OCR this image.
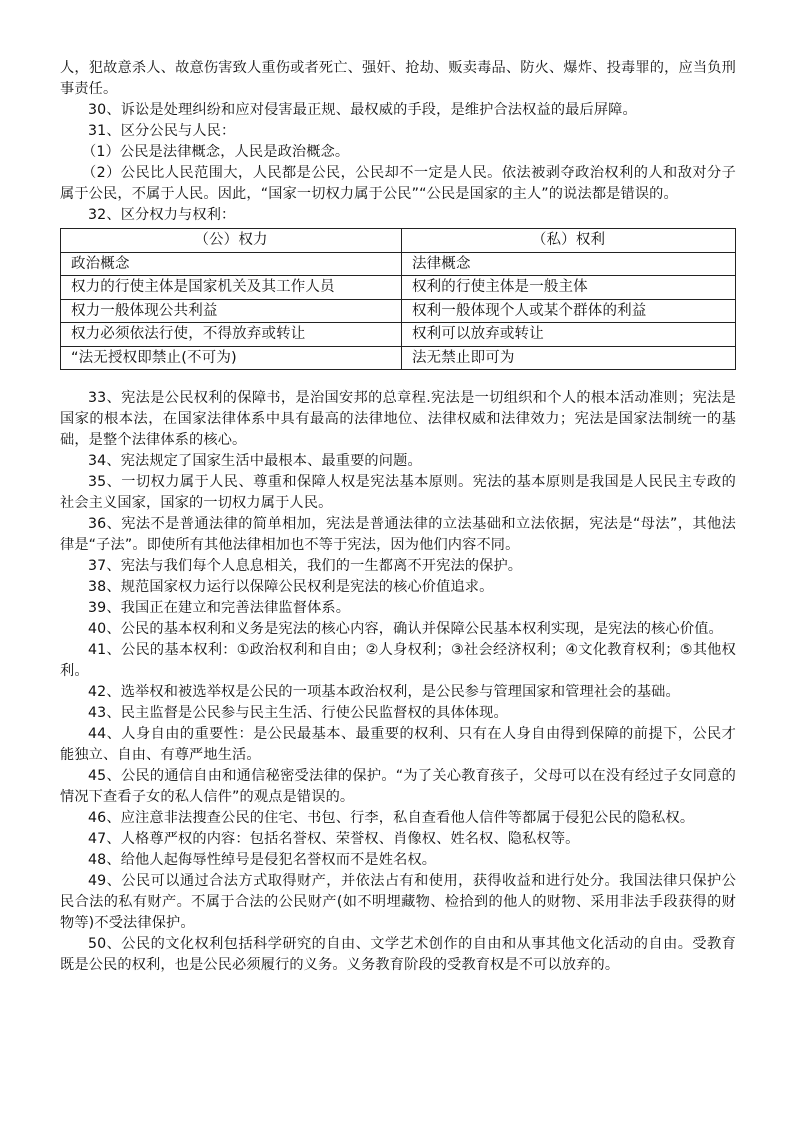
人，犯故意杀人、故意伤害致人重伤或者死亡、强奸、抢劫、贩卖毒品、防火、爆炸、投毒罪的，应当负刑事责任。

30、诉讼是处理纠纷和应对侵害最正规、最权威的手段，是维护合法权益的最后屏障。

31、区分公民与人民：

（1）公民是法律概念，人民是政治概念。

（2）公民比人民范围大，人民都是公民，公民却不一定是人民。依法被剥夺政治权利的人和敌对分子属于公民，不属于人民。因此，“国家一切权力属于公民”“公民是国家的主人”的说法都是错误的。

32、区分权力与权利：

（公）权力	（私）权利
政治概念	法律概念
权力的行使主体是国家机关及其工作人员	权利的行使主体是一般主体
权力一般体现公共利益	权利一般体现个人或某个群体的利益
权力必须依法行使，不得放弃或转让	权利可以放弃或转让
“法无授权即禁止(不可为)	法无禁止即可为

33、宪法是公民权利的保障书，是治国安邦的总章程.宪法是一切组织和个人的根本活动准则；宪法是国家的根本法，在国家法律体系中具有最高的法律地位、法律权威和法律效力；宪法是国家法制统一的基础，是整个法律体系的核心。

34、宪法规定了国家生活中最根本、最重要的问题。

35、一切权力属于人民、尊重和保障人权是宪法基本原则。宪法的基本原则是我国是人民民主专政的社会主义国家，国家的一切权力属于人民。

36、宪法不是普通法律的简单相加，宪法是普通法律的立法基础和立法依据，宪法是“母法”，其他法律是“子法”。即使所有其他法律相加也不等于宪法，因为他们内容不同。

37、宪法与我们每个人息息相关，我们的一生都离不开宪法的保护。

38、规范国家权力运行以保障公民权利是宪法的核心价值追求。

39、我国正在建立和完善法律监督体系。

40、公民的基本权利和义务是宪法的核心内容，确认并保障公民基本权利实现，是宪法的核心价值。

41、公民的基本权利：①政治权利和自由；②人身权利；③社会经济权利；④文化教育权利；⑤其他权利。

42、选举权和被选举权是公民的一项基本政治权利，是公民参与管理国家和管理社会的基础。

43、民主监督是公民参与民主生活、行使公民监督权的具体体现。

44、人身自由的重要性：是公民最基本、最重要的权利、只有在人身自由得到保障的前提下，公民才能独立、自由、有尊严地生活。

45、公民的通信自由和通信秘密受法律的保护。“为了关心教育孩子，父母可以在没有经过子女同意的情况下查看子女的私人信件”的观点是错误的。

46、应注意非法搜查公民的住宅、书包、行李，私自查看他人信件等都属于侵犯公民的隐私权。

47、人格尊严权的内容：包括名誉权、荣誉权、肖像权、姓名权、隐私权等。

48、给他人起侮辱性绰号是侵犯名誉权而不是姓名权。

49、公民可以通过合法方式取得财产，并依法占有和使用，获得收益和进行处分。我国法律只保护公民合法的私有财产。不属于合法的公民财产(如不明埋藏物、检拾到的他人的财物、采用非法手段获得的财物等)不受法律保护。

50、公民的文化权利包括科学研究的自由、文学艺术创作的自由和从事其他文化活动的自由。受教育既是公民的权利，也是公民必须履行的义务。义务教育阶段的受教育权是不可以放弃的。
